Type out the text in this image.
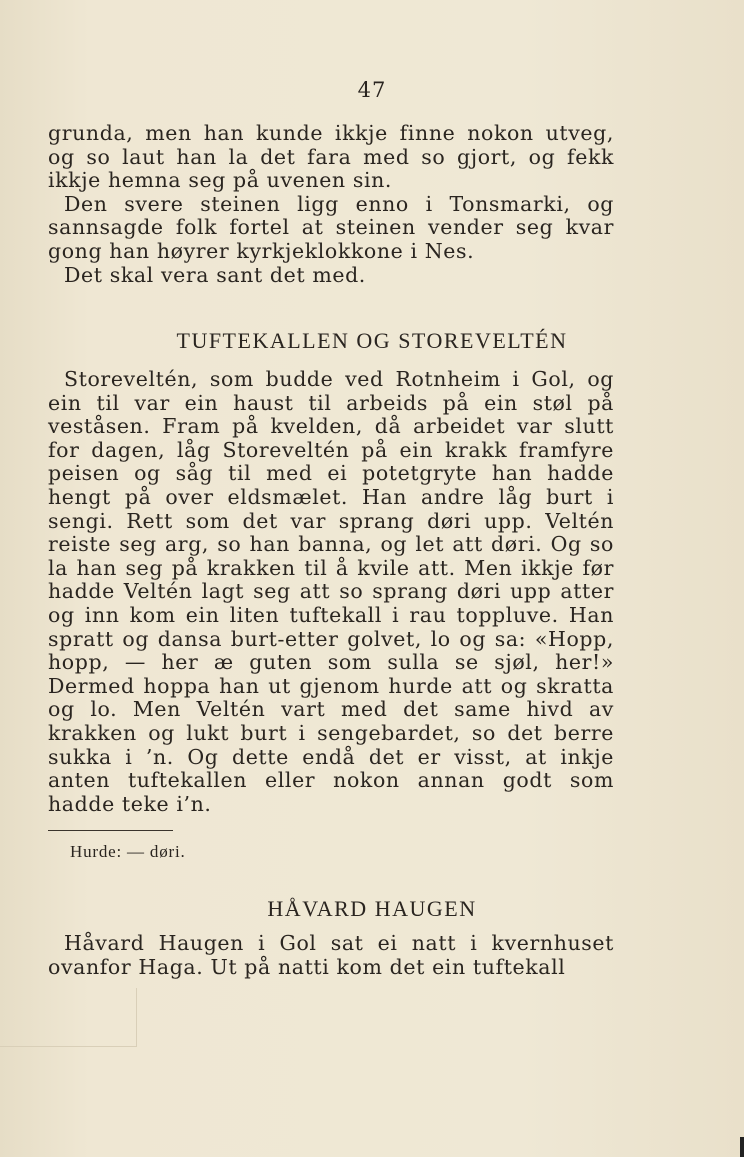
47

grunda, men han kunde ikkje finne nokon utveg, og so laut han la det fara med so gjort, og fekk ikkje hemna seg på uvenen sin.

Den svere steinen ligg enno i Tonsmarki, og sannsagde folk fortel at steinen vender seg kvar gong han høyrer kyrkjeklokkone i Nes.

Det skal vera sant det med.

TUFTEKALLEN OG STOREVELTÉN

Storeveltén, som budde ved Rotnheim i Gol, og ein til var ein haust til arbeids på ein støl på veståsen. Fram på kvelden, då arbeidet var slutt for dagen, låg Storeveltén på ein krakk framfyre peisen og såg til med ei potetgryte han hadde hengt på over eldsmælet. Han andre låg burt i sengi. Rett som det var sprang døri upp. Veltén reiste seg arg, so han banna, og let att døri. Og so la han seg på krakken til å kvile att. Men ikkje før hadde Veltén lagt seg att so sprang døri upp atter og inn kom ein liten tuftekall i rau toppluve. Han spratt og dansa burt-etter golvet, lo og sa: «Hopp, hopp, — her æ guten som sulla se sjøl, her!» Dermed hoppa han ut gjenom hurde att og skratta og lo. Men Veltén vart med det same hivd av krakken og lukt burt i sengebardet, so det berre sukka i ’n. Og dette endå det er visst, at inkje anten tuftekallen eller nokon annan godt som hadde teke i’n.

Hurde: — døri.
HÅVARD HAUGEN

Håvard Haugen i Gol sat ei natt i kvernhuset ovanfor Haga. Ut på natti kom det ein tuftekall
